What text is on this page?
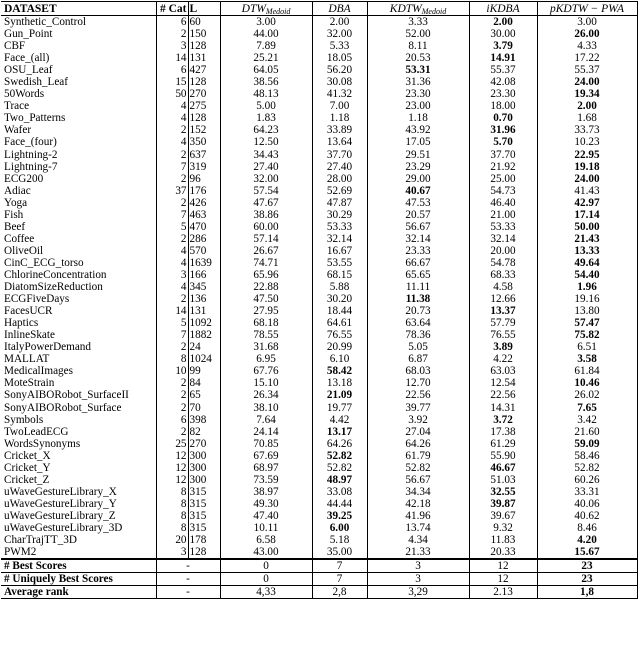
DATASET	# Cat	L	$DTW_{Medoid}$	DBA	$KDTW_{Medoid}$	iKDBA	pKDTW − PWA
Synthetic_Control	6	60	3.00	2.00	3.33	2.00	3.00
Gun_Point	2	150	44.00	32.00	52.00	30.00	26.00
CBF	3	128	7.89	5.33	8.11	3.79	4.33
Face_(all)	14	131	25.21	18.05	20.53	14.91	17.22
OSU_Leaf	6	427	64.05	56.20	53.31	55.37	55.37
Swedish_Leaf	15	128	38.56	30.08	31.36	42.08	24.00
50Words	50	270	48.13	41.32	23.30	23.30	19.34
Trace	4	275	5.00	7.00	23.00	18.00	2.00
Two_Patterns	4	128	1.83	1.18	1.18	0.70	1.68
Wafer	2	152	64.23	33.89	43.92	31.96	33.73
Face_(four)	4	350	12.50	13.64	17.05	5.70	10.23
Lightning-2	2	637	34.43	37.70	29.51	37.70	22.95
Lightning-7	7	319	27.40	27.40	23.29	21.92	19.18
ECG200	2	96	32.00	28.00	29.00	25.00	24.00
Adiac	37	176	57.54	52.69	40.67	54.73	41.43
Yoga	2	426	47.67	47.87	47.53	46.40	42.97
Fish	7	463	38.86	30.29	20.57	21.00	17.14
Beef	5	470	60.00	53.33	56.67	53.33	50.00
Coffee	2	286	57.14	32.14	32.14	32.14	21.43
OliveOil	4	570	26.67	16.67	23.33	20.00	13.33
CinC_ECG_torso	4	1639	74.71	53.55	66.67	54.78	49.64
ChlorineConcentration	3	166	65.96	68.15	65.65	68.33	54.40
DiatomSizeReduction	4	345	22.88	5.88	11.11	4.58	1.96
ECGFiveDays	2	136	47.50	30.20	11.38	12.66	19.16
FacesUCR	14	131	27.95	18.44	20.73	13.37	13.80
Haptics	5	1092	68.18	64.61	63.64	57.79	57.47
InlineSkate	7	1882	78.55	76.55	78.36	76.55	75.82
ItalyPowerDemand	2	24	31.68	20.99	5.05	3.89	6.51
MALLAT	8	1024	6.95	6.10	6.87	4.22	3.58
MedicalImages	10	99	67.76	58.42	68.03	63.03	61.84
MoteStrain	2	84	15.10	13.18	12.70	12.54	10.46
SonyAIBORobot_SurfaceII	2	65	26.34	21.09	22.56	22.56	26.02
SonyAIBORobot_Surface	2	70	38.10	19.77	39.77	14.31	7.65
Symbols	6	398	7.64	4.42	3.92	3.72	3.42
TwoLeadECG	2	82	24.14	13.17	27.04	17.38	21.60
WordsSynonyms	25	270	70.85	64.26	64.26	61.29	59.09
Cricket_X	12	300	67.69	52.82	61.79	55.90	58.46
Cricket_Y	12	300	68.97	52.82	52.82	46.67	52.82
Cricket_Z	12	300	73.59	48.97	56.67	51.03	60.26
uWaveGestureLibrary_X	8	315	38.97	33.08	34.34	32.55	33.31
uWaveGestureLibrary_Y	8	315	49.30	44.44	42.18	39.87	40.06
uWaveGestureLibrary_Z	8	315	47.40	39.25	41.96	39.67	40.62
uWaveGestureLibrary_3D	8	315	10.11	6.00	13.74	9.32	8.46
CharTrajTT_3D	20	178	6.58	5.18	4.34	11.83	4.20
PWM2	3	128	43.00	35.00	21.33	20.33	15.67
# Best Scores	-		0	7	3	12	23
# Uniquely Best Scores	-		0	7	3	12	23
Average rank	-		4,33	2,8	3,29	2.13	1,8
